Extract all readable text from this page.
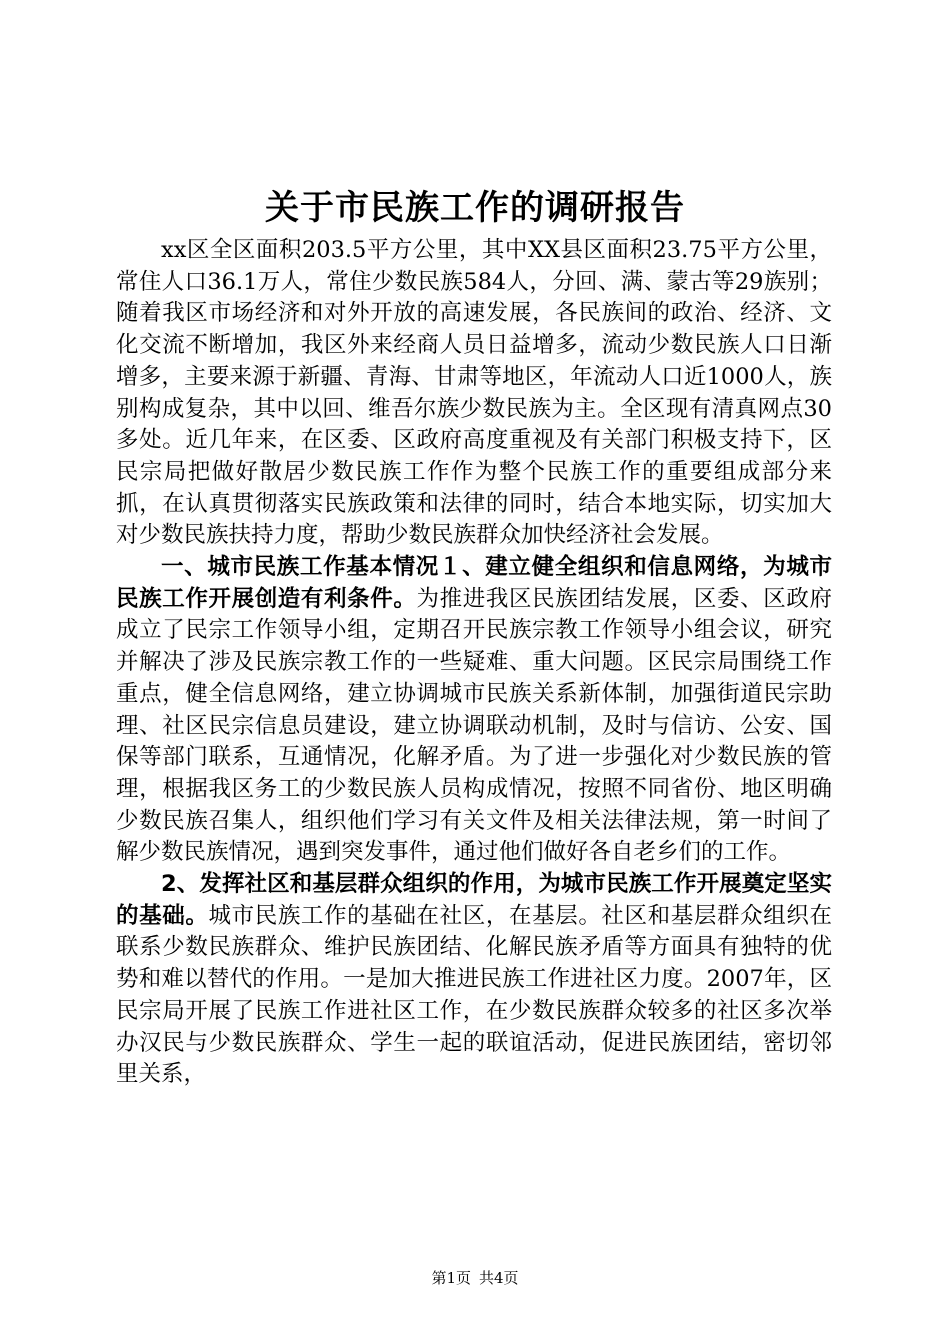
关于市民族工作的调研报告

xx区全区面积203.5平方公里，其中XX县区面积23.75平方公里，常住人口36.1万人，常住少数民族584人，分回、满、蒙古等29族别；随着我区市场经济和对外开放的高速发展，各民族间的政治、经济、文化交流不断增加，我区外来经商人员日益增多，流动少数民族人口日渐增多，主要来源于新疆、青海、甘肃等地区，年流动人口近1000人，族别构成复杂，其中以回、维吾尔族少数民族为主。全区现有清真网点30多处。近几年来，在区委、区政府高度重视及有关部门积极支持下，区民宗局把做好散居少数民族工作作为整个民族工作的重要组成部分来抓，在认真贯彻落实民族政策和法律的同时，结合本地实际，切实加大对少数民族扶持力度，帮助少数民族群众加快经济社会发展。

一、城市民族工作基本情况１、建立健全组织和信息网络，为城市民族工作开展创造有利条件。为推进我区民族团结发展，区委、区政府成立了民宗工作领导小组，定期召开民族宗教工作领导小组会议，研究并解决了涉及民族宗教工作的一些疑难、重大问题。区民宗局围绕工作重点，健全信息网络，建立协调城市民族关系新体制，加强街道民宗助理、社区民宗信息员建设，建立协调联动机制，及时与信访、公安、国保等部门联系，互通情况，化解矛盾。为了进一步强化对少数民族的管理，根据我区务工的少数民族人员构成情况，按照不同省份、地区明确少数民族召集人，组织他们学习有关文件及相关法律法规，第一时间了解少数民族情况，遇到突发事件，通过他们做好各自老乡们的工作。

2、发挥社区和基层群众组织的作用，为城市民族工作开展奠定坚实的基础。城市民族工作的基础在社区，在基层。社区和基层群众组织在联系少数民族群众、维护民族团结、化解民族矛盾等方面具有独特的优势和难以替代的作用。一是加大推进民族工作进社区力度。2007年，区民宗局开展了民族工作进社区工作，在少数民族群众较多的社区多次举办汉民与少数民族群众、学生一起的联谊活动，促进民族团结，密切邻里关系，

第1页 共4页
